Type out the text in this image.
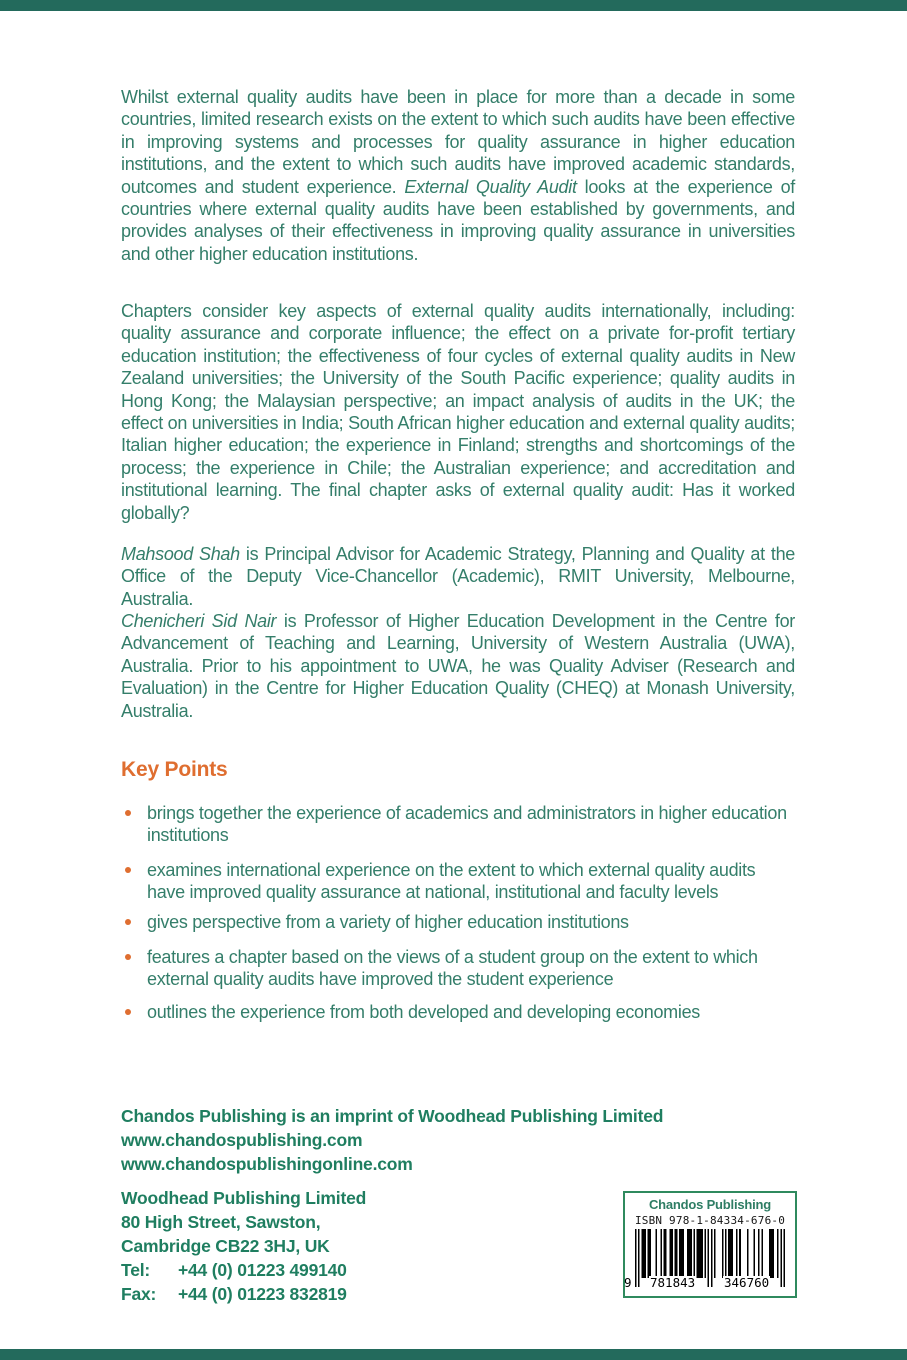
Whilst external quality audits have been in place for more than a decade in some countries, limited research exists on the extent to which such audits have been effective in improving systems and processes for quality assurance in higher education institutions, and the extent to which such audits have improved academic standards, outcomes and student experience. External Quality Audit looks at the experience of countries where external quality audits have been established by governments, and provides analyses of their effectiveness in improving quality assurance in universities and other higher education institutions.

Chapters consider key aspects of external quality audits internationally, including: quality assurance and corporate influence; the effect on a private for-profit tertiary education institution; the effectiveness of four cycles of external quality audits in New Zealand universities; the University of the South Pacific experience; quality audits in Hong Kong; the Malaysian perspective; an impact analysis of audits in the UK; the effect on universities in India; South African higher education and external quality audits; Italian higher education; the experience in Finland; strengths and shortcomings of the process; the experience in Chile; the Australian experience; and accreditation and institutional learning. The final chapter asks of external quality audit: Has it worked globally?

Mahsood Shah is Principal Advisor for Academic Strategy, Planning and Quality at the Office of the Deputy Vice-Chancellor (Academic), RMIT University, Melbourne, Australia.

Chenicheri Sid Nair is Professor of Higher Education Development in the Centre for Advancement of Teaching and Learning, University of Western Australia (UWA), Australia. Prior to his appointment to UWA, he was Quality Adviser (Research and Evaluation) in the Centre for Higher Education Quality (CHEQ) at Monash University, Australia.

Key Points
brings together the experience of academics and administrators in higher education institutions
examines international experience on the extent to which external quality audits have improved quality assurance at national, institutional and faculty levels
gives perspective from a variety of higher education institutions
features a chapter based on the views of a student group on the extent to which external quality audits have improved the student experience
outlines the experience from both developed and developing economies
Chandos Publishing is an imprint of Woodhead Publishing Limited
www.chandospublishing.com
www.chandospublishingonline.com
Woodhead Publishing Limited
80 High Street, Sawston,
Cambridge CB22 3HJ, UK
Tel:	+44 (0) 01223 499140
Fax:	+44 (0) 01223 832819
Chandos Publishing
ISBN 978-1-84334-676-0
9 781843 346760
